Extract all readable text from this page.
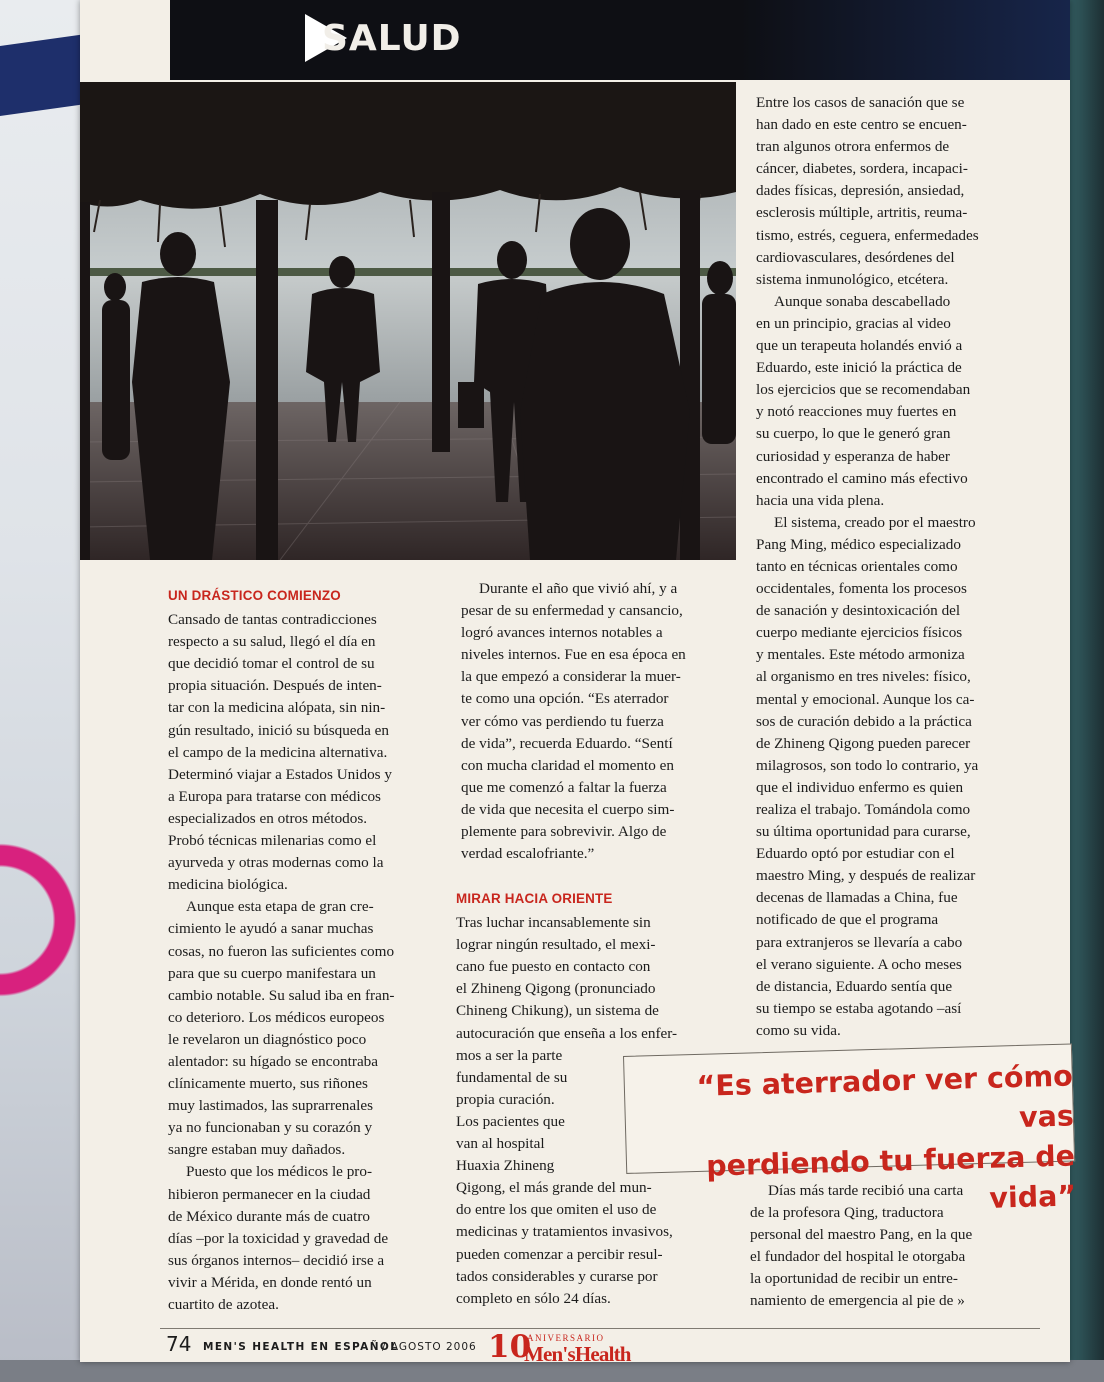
SALUD
UN DRÁSTICO COMIENZO

Cansado de tantas contradicciones
respecto a su salud, llegó el día en
que decidió tomar el control de su
propia situación. Después de inten-
tar con la medicina alópata, sin nin-
gún resultado, inició su búsqueda en
el campo de la medicina alternativa.
Determinó viajar a Estados Unidos y
a Europa para tratarse con médicos
especializados en otros métodos.
Probó técnicas milenarias como el
ayurveda y otras modernas como la
medicina biológica.

Aunque esta etapa de gran cre-
cimiento le ayudó a sanar muchas
cosas, no fueron las suficientes como
para que su cuerpo manifestara un
cambio notable. Su salud iba en fran-
co deterioro. Los médicos europeos
le revelaron un diagnóstico poco
alentador: su hígado se encontraba
clínicamente muerto, sus riñones
muy lastimados, las suprarrenales
ya no funcionaban y su corazón y
sangre estaban muy dañados.

Puesto que los médicos le pro-
hibieron permanecer en la ciudad
de México durante más de cuatro
días –por la toxicidad y gravedad de
sus órganos internos– decidió irse a
vivir a Mérida, en donde rentó un
cuartito de azotea.

Durante el año que vivió ahí, y a
pesar de su enfermedad y cansancio,
logró avances internos notables a
niveles internos. Fue en esa época en
la que empezó a considerar la muer-
te como una opción. “Es aterrador
ver cómo vas perdiendo tu fuerza
de vida”, recuerda Eduardo. “Sentí
con mucha claridad el momento en
que me comenzó a faltar la fuerza
de vida que necesita el cuerpo sim-
plemente para sobrevivir. Algo de
verdad escalofriante.”

MIRAR HACIA ORIENTE

Tras luchar incansablemente sin
lograr ningún resultado, el mexi-
cano fue puesto en contacto con
el Zhineng Qigong (pronunciado
Chineng Chikung), un sistema de
autocuración que enseña a los enfer-
mos a ser la parte
fundamental de su
propia curación.
Los pacientes que
van al hospital
Huaxia Zhineng
Qigong, el más grande del mun-
do entre los que omiten el uso de
medicinas y tratamientos invasivos,
pueden comenzar a percibir resul-
tados considerables y curarse por
completo en sólo 24 días.

Entre los casos de sanación que se
han dado en este centro se encuen-
tran algunos otrora enfermos de
cáncer, diabetes, sordera, incapaci-
dades físicas, depresión, ansiedad,
esclerosis múltiple, artritis, reuma-
tismo, estrés, ceguera, enfermedades
cardiovasculares, desórdenes del
sistema inmunológico, etcétera.

Aunque sonaba descabellado
en un principio, gracias al video
que un terapeuta holandés envió a
Eduardo, este inició la práctica de
los ejercicios que se recomendaban
y notó reacciones muy fuertes en
su cuerpo, lo que le generó gran
curiosidad y esperanza de haber
encontrado el camino más efectivo
hacia una vida plena.

El sistema, creado por el maestro
Pang Ming, médico especializado
tanto en técnicas orientales como
occidentales, fomenta los procesos
de sanación y desintoxicación del
cuerpo mediante ejercicios físicos
y mentales. Este método armoniza
al organismo en tres niveles: físico,
mental y emocional. Aunque los ca-
sos de curación debido a la práctica
de Zhineng Qigong pueden parecer
milagrosos, son todo lo contrario, ya
que el individuo enfermo es quien
realiza el trabajo. Tomándola como
su última oportunidad para curarse,
Eduardo optó por estudiar con el
maestro Ming, y después de realizar
decenas de llamadas a China, fue
notificado de que el programa
para extranjeros se llevaría a cabo
el verano siguiente. A ocho meses
de distancia, Eduardo sentía que
su tiempo se estaba agotando –así
como su vida.

Días más tarde recibió una carta
de la profesora Qing, traductora
personal del maestro Pang, en la que
el fundador del hospital le otorgaba
la oportunidad de recibir un entre-
namiento de emergencia al pie de »

“Es aterrador ver cómo vas
perdiendo tu fuerza de vida”
74 MEN'S HEALTH EN ESPAÑOL
/ AGOSTO 2006 10
ANIVERSARIO
Men'sHealth
